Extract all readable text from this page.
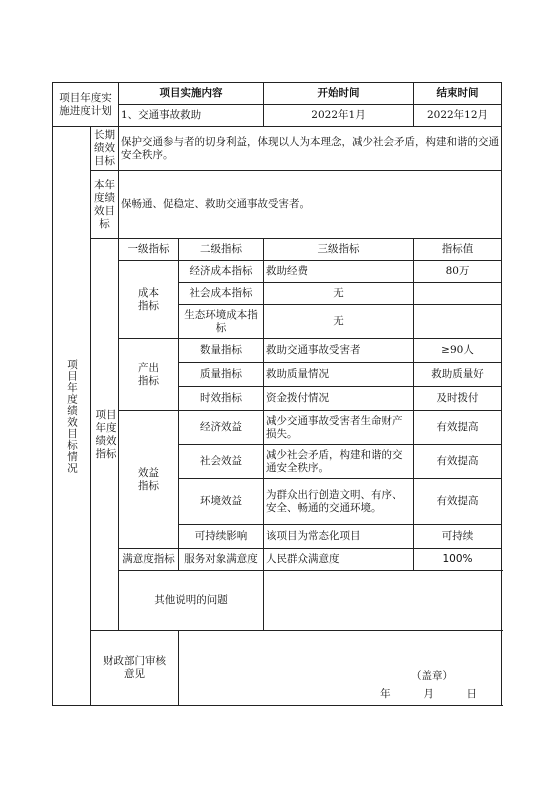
项目年度实施进度计划		项目实施内容		开始时间	结束时间
		1、交通事故救助		2022年1月	2022年12月

项目年度绩效目标情况	长期绩效目标	保护交通参与者的切身利益，体现以人为本理念，减少社会矛盾，构建和谐的交通安全秩序。			
	本年度绩效目标	保畅通、促稳定、救助交通事故受害者。			

	项目年度绩效指标	一级指标	二级指标	三级指标	指标值

		成本指标	经济成本指标	救助经费	80万
			社会成本指标	无	
			生态环境成本指标	无	

		产出指标	数量指标	救助交通事故受害者	≥90人
			质量指标	救助质量情况	救助质量好
			时效指标	资金拨付情况	及时拨付

		效益指标	经济效益	减少交通事故受害者生命财产损失。	有效提高
			社会效益	减少社会矛盾，构建和谐的交通安全秩序。	有效提高
			环境效益	为群众出行创造文明、有序、安全、畅通的交通环境。	有效提高
			可持续影响	该项目为常态化项目	可持续
		满意度指标	服务对象满意度	人民群众满意度	100%
		其他说明的问题			

	财政部门审核意见		（盖章）
年 月 日		
